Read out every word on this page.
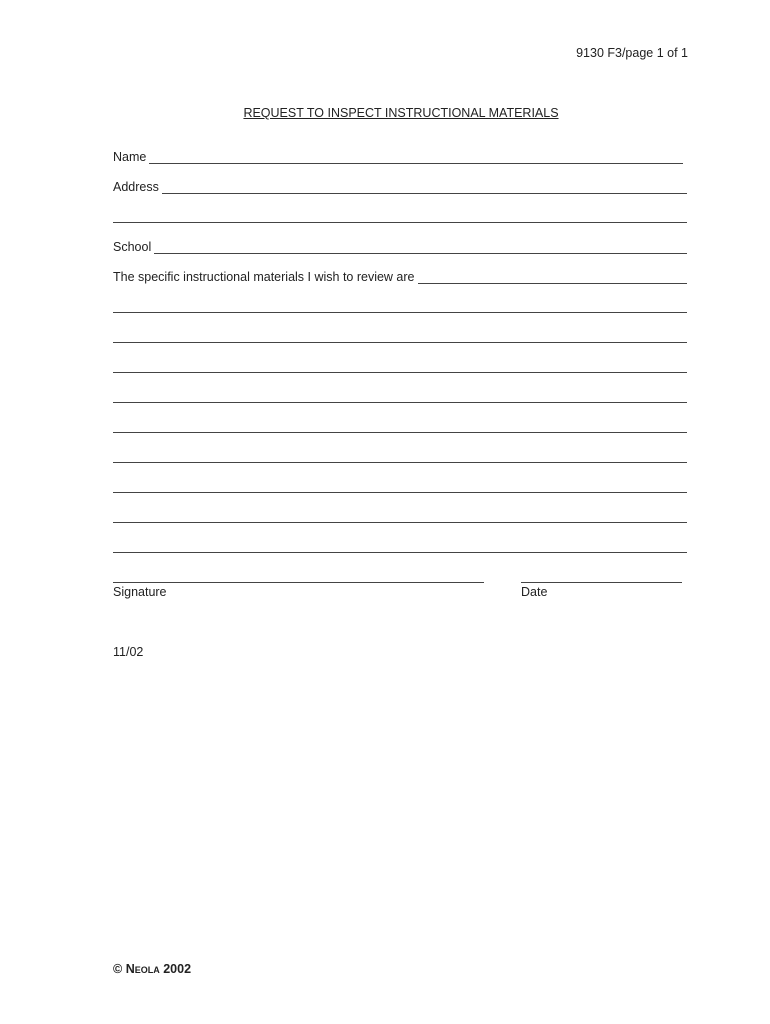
9130 F3/page 1 of 1
REQUEST TO INSPECT INSTRUCTIONAL MATERIALS
Name
Address
School
The specific instructional materials I wish to review are
Signature	Date
11/02
© Neola 2002
